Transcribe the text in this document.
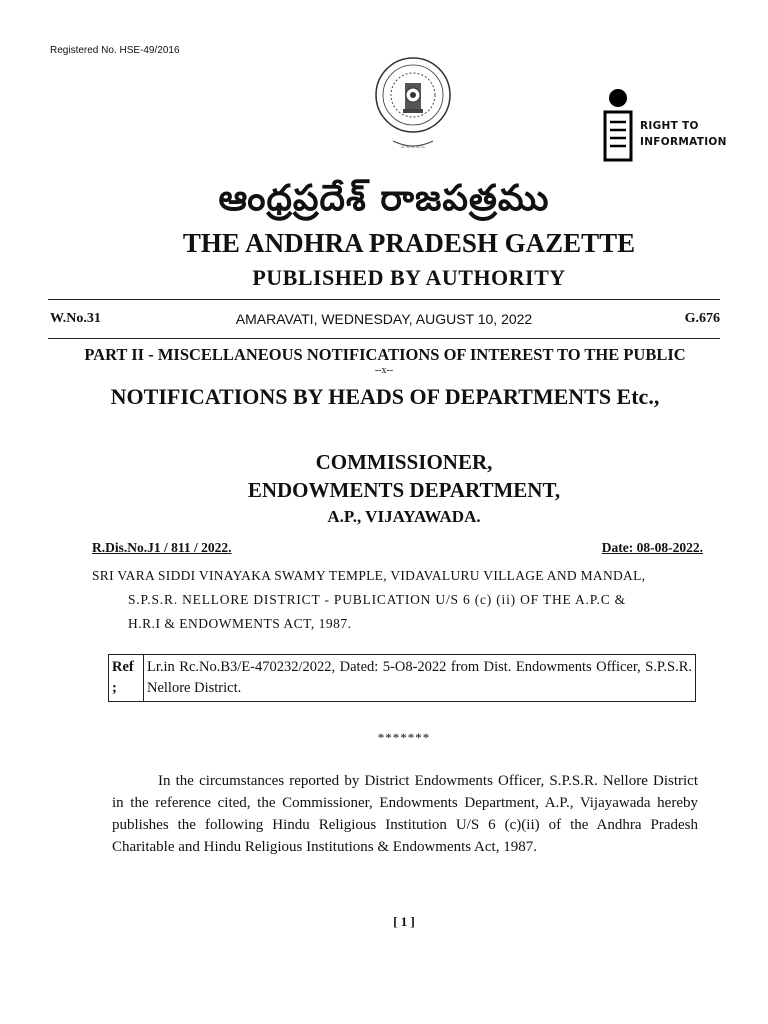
Registered No. HSE-49/2016
~~~~~
RIGHT TO
INFORMATION
ఆంధ్రప్రదేశ్ రాజపత్రము
THE ANDHRA PRADESH GAZETTE
PUBLISHED BY AUTHORITY
W.No.31	AMARAVATI, WEDNESDAY, AUGUST 10, 2022	G.676
PART II - MISCELLANEOUS NOTIFICATIONS OF INTEREST TO THE PUBLIC
--x--
NOTIFICATIONS BY HEADS OF DEPARTMENTS Etc.,
COMMISSIONER,
ENDOWMENTS DEPARTMENT,
A.P., VIJAYAWADA.
R.Dis.No.J1 / 811 / 2022.	Date: 08-08-2022.
SRI VARA SIDDI VINAYAKA SWAMY TEMPLE, VIDAVALURU VILLAGE AND MANDAL,
S.P.S.R. NELLORE DISTRICT - PUBLICATION U/S 6 (c) (ii) OF THE A.P.C &
H.R.I & ENDOWMENTS ACT, 1987.
Ref
;	Lr.in Rc.No.B3/E-470232/2022, Dated: 5-O8-2022 from Dist. Endowments Officer, S.P.S.R. Nellore District.
*******

In the circumstances reported by District Endowments Officer, S.P.S.R. Nellore District in the reference cited, the Commissioner, Endowments Department, A.P., Vijayawada hereby publishes the following Hindu Religious Institution U/S 6 (c)(ii) of the Andhra Pradesh Charitable and Hindu Religious Institutions & Endowments Act, 1987.

[ 1 ]
